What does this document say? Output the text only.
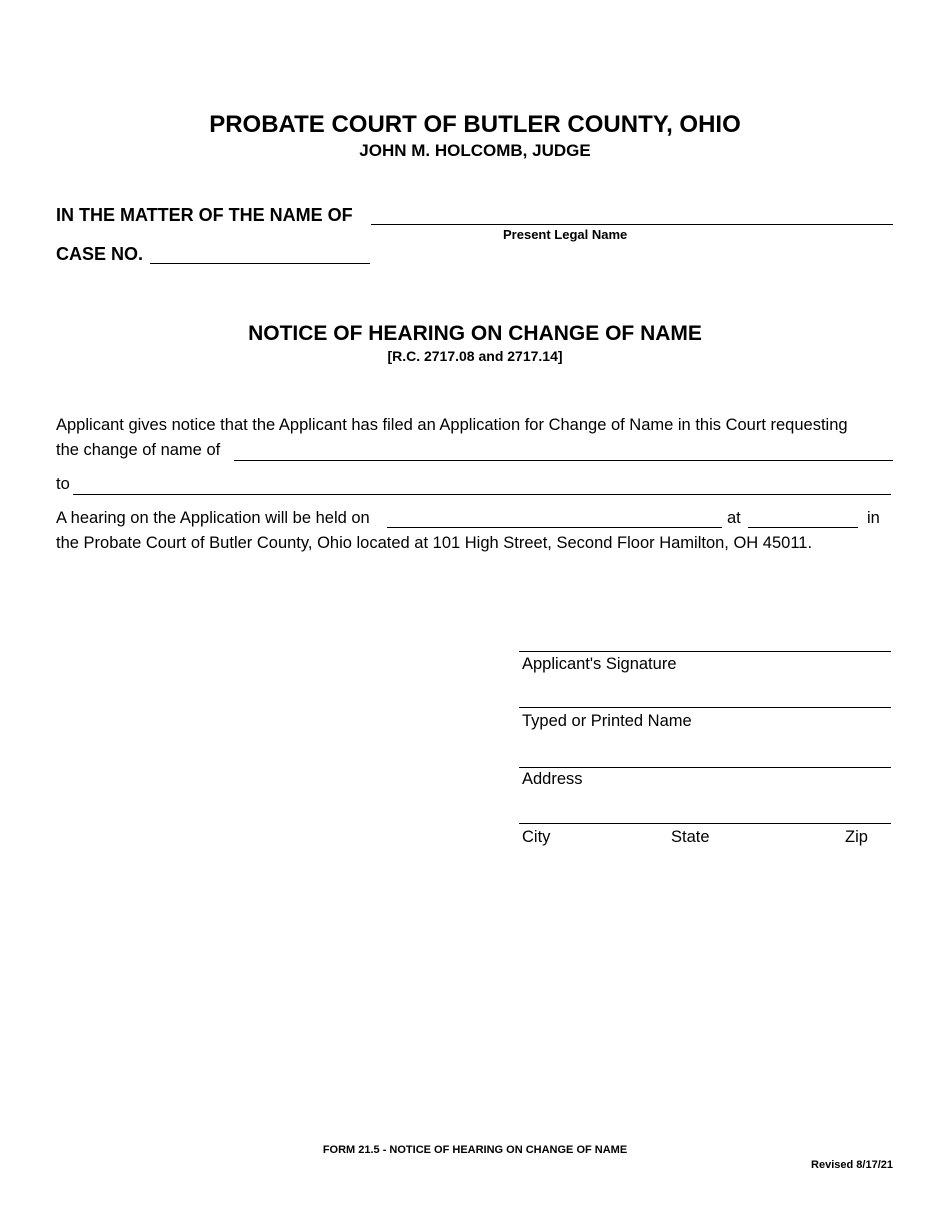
PROBATE COURT OF BUTLER COUNTY, OHIO
JOHN M. HOLCOMB, JUDGE
IN THE MATTER OF THE NAME OF
Present Legal Name
CASE NO.
NOTICE OF HEARING ON CHANGE OF NAME
[R.C. 2717.08 and 2717.14]
Applicant gives notice that the Applicant has filed an Application for Change of Name in this Court requesting
the change of name of
to
A hearing on the Application will be held on	at	in
the Probate Court of Butler County, Ohio located at 101 High Street, Second Floor Hamilton, OH 45011.
Applicant's Signature
Typed or Printed Name
Address
City	State	Zip
FORM 21.5 - NOTICE OF HEARING ON CHANGE OF NAME
Revised 8/17/21
